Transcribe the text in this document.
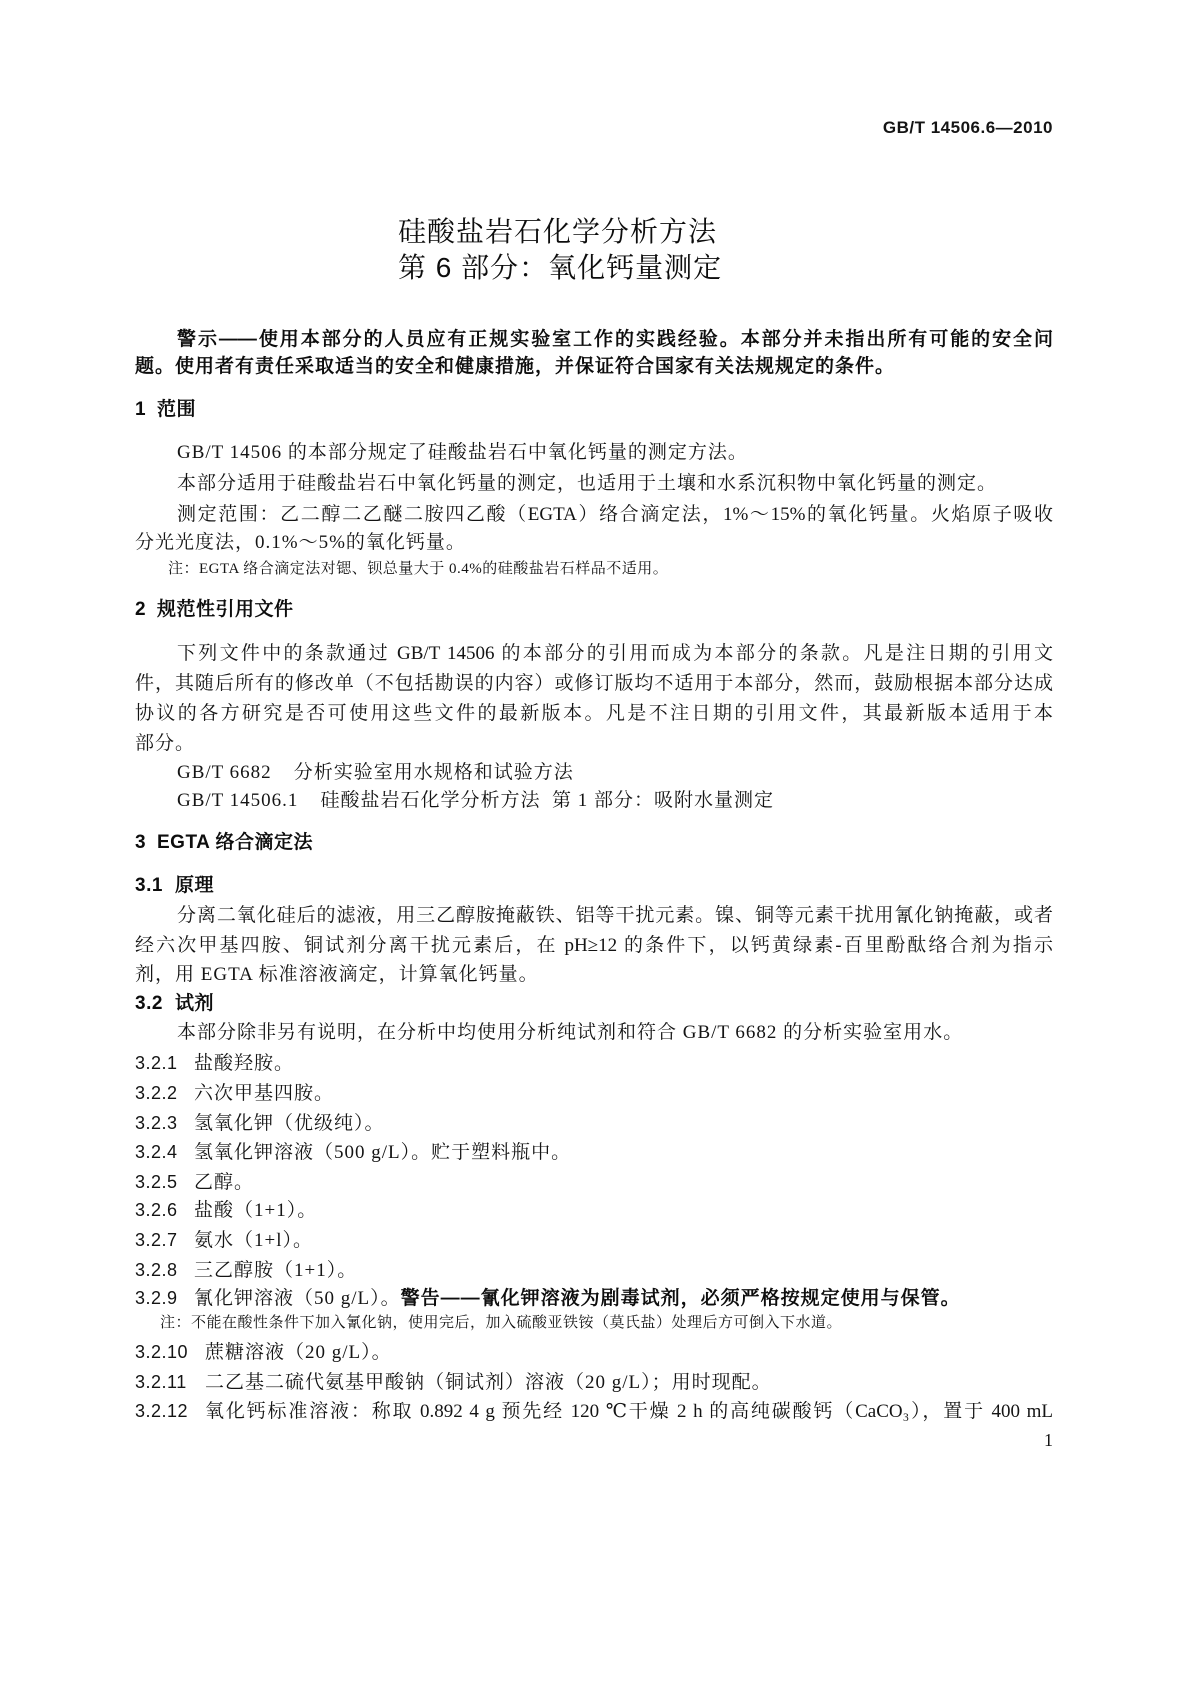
GB/T 14506.6—2010
硅酸盐岩石化学分析方法
第 6 部分：氧化钙量测定
警示——使用本部分的人员应有正规实验室工作的实践经验。本部分并未指出所有可能的安全问
题。使用者有责任采取适当的安全和健康措施，并保证符合国家有关法规规定的条件。
1 范围
GB/T 14506 的本部分规定了硅酸盐岩石中氧化钙量的测定方法。
本部分适用于硅酸盐岩石中氧化钙量的测定，也适用于土壤和水系沉积物中氧化钙量的测定。
测定范围：乙二醇二乙醚二胺四乙酸（EGTA）络合滴定法，1%～15%的氧化钙量。火焰原子吸收
分光光度法，0.1%～5%的氧化钙量。
注：EGTA 络合滴定法对锶、钡总量大于 0.4%的硅酸盐岩石样品不适用。
2 规范性引用文件
下列文件中的条款通过 GB/T 14506 的本部分的引用而成为本部分的条款。凡是注日期的引用文
件，其随后所有的修改单（不包括勘误的内容）或修订版均不适用于本部分，然而，鼓励根据本部分达成
协议的各方研究是否可使用这些文件的最新版本。凡是不注日期的引用文件，其最新版本适用于本
部分。
GB/T 6682 分析实验室用水规格和试验方法
GB/T 14506.1 硅酸盐岩石化学分析方法  第 1 部分：吸附水量测定
3 EGTA 络合滴定法
3.1 原理
分离二氧化硅后的滤液，用三乙醇胺掩蔽铁、铝等干扰元素。镍、铜等元素干扰用氰化钠掩蔽，或者
经六次甲基四胺、铜试剂分离干扰元素后，在 pH≥12 的条件下，以钙黄绿素-百里酚酞络合剂为指示
剂，用 EGTA 标准溶液滴定，计算氧化钙量。
3.2 试剂
本部分除非另有说明，在分析中均使用分析纯试剂和符合 GB/T 6682 的分析实验室用水。
3.2.1 盐酸羟胺。
3.2.2 六次甲基四胺。
3.2.3 氢氧化钾（优级纯）。
3.2.4 氢氧化钾溶液（500 g/L）。贮于塑料瓶中。
3.2.5 乙醇。
3.2.6 盐酸（1+1）。
3.2.7 氨水（1+l）。
3.2.8 三乙醇胺（1+1）。
3.2.9 氰化钾溶液（50 g/L）。警告——氰化钾溶液为剧毒试剂，必须严格按规定使用与保管。
注：不能在酸性条件下加入氰化钠，使用完后，加入硫酸亚铁铵（莫氏盐）处理后方可倒入下水道。
3.2.10 蔗糖溶液（20 g/L）。
3.2.11 二乙基二硫代氨基甲酸钠（铜试剂）溶液（20 g/L）；用时现配。
3.2.12 氧化钙标准溶液：称取 0.892 4 g 预先经 120 ℃干燥 2 h 的高纯碳酸钙（CaCO₃），置于 400 mL
1
